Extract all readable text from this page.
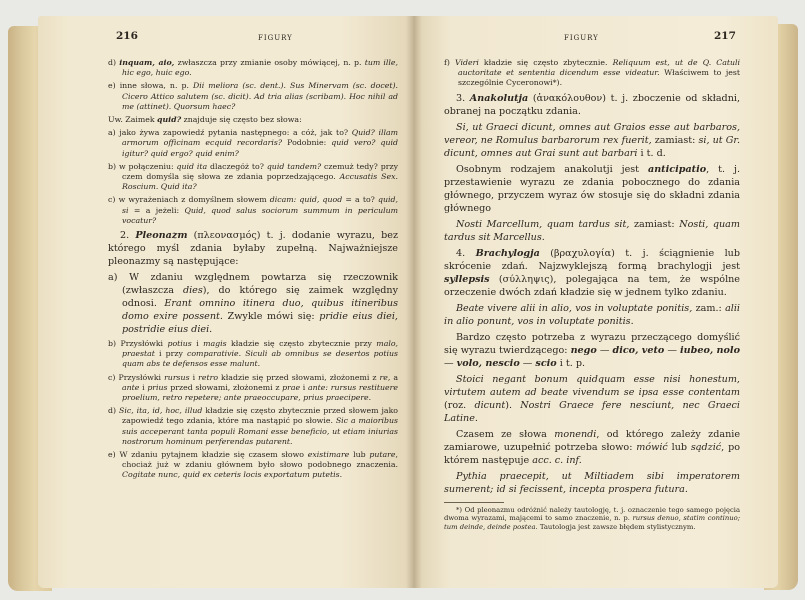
216	FIGURY

d) inquam, aio, zwłaszcza przy zmianie osoby mówiącej, n. p. tum ille, hic ego, huic ego.

e) inne słowa, n. p. Dii meliora (sc. dent.). Sus Minervam (sc. docet). Cicero Attico salutem (sc. dicit). Ad tria alias (scribam). Hoc nihil ad me (attinet). Quorsum haec?

Uw. Zaimek quid? znajduje się często bez słowa:

a) jako żywa zapowiedź pytania następnego: a cóż, jak to? Quid? illam armorum officinam ecquid recordaris? Podobnie: quid vero? quid igitur? quid ergo? quid enim?

b) w połączeniu: quid ita dlaczegóż to? quid tandem? czemuż tedy? przy czem domyśla się słowa ze zdania poprzedzającego. Accusatis Sex. Roscium. Quid ita?

c) w wyrażeniach z domyślnem słowem dicam: quid, quod = a to? quid, si = a jeżeli: Quid, quod salus sociorum summum in periculum vocatur?

2. Pleonazm (πλεονασμός) t. j. dodanie wyrazu, bez którego myśl zdania byłaby zupełną. Najważniejsze pleonazmy są następujące:

a) W zdaniu względnem powtarza się rzeczownik (zwłaszcza dies), do którego się zaimek względny odnosi. Erant omnino itinera duo, quibus itineribus domo exire possent. Zwykle mówi się: pridie eius diei, postridie eius diei.

b) Przysłówki potius i magis kładzie się często zbytecznie przy malo, praestat i przy comparativie. Siculi ab omnibus se desertos potius quam abs te defensos esse malunt.

c) Przysłówki rursus i retro kładzie się przed słowami, złożonemi z re, a ante i prius przed słowami, złożonemi z prae i ante: rursus restituere proelium, retro repetere; ante praeoccupare, prius praecipere.

d) Sic, ita, id, hoc, illud kładzie się często zbytecznie przed słowem jako zapowiedź tego zdania, które ma nastąpić po słowie. Sic a maioribus suis acceperant tanta populi Romani esse beneficio, ut etiam iniurias nostrorum hominum perferendas putarent.

e) W zdaniu pytajnem kładzie się czasem słowo existimare lub putare, chociaż już w zdaniu głównem było słowo podobnego znaczenia. Cogitate nunc, quid ex ceteris locis exportatum putetis.

FIGURY	217

f) Videri kładzie się często zbytecznie. Reliquum est, ut de Q. Catuli auctoritate et sententia dicendum esse videatur. Właściwem to jest szczególnie Cyceronowi*).

3. Anakolutja (ἀνακόλουθον) t. j. zboczenie od składni, obranej na początku zdania.

Si, ut Graeci dicunt, omnes aut Graios esse aut barbaros, vereor, ne Romulus barbarorum rex fuerit, zamiast: si, ut Gr. dicunt, omnes aut Grai sunt aut barbari i t. d.

Osobnym rodzajem anakolutji jest anticipatio, t. j. przestawienie wyrazu ze zdania pobocznego do zdania głównego, przyczem wyraz ów stosuje się do składni zdania głównego

Nosti Marcellum, quam tardus sit, zamiast: Nosti, quam tardus sit Marcellus.

4. Brachylogja (βραχυλογία) t. j. ściągnienie lub skrócenie zdań. Najzwyklejszą formą brachylogji jest syllepsis (σύλληψις), polegająca na tem, że wspólne orzeczenie dwóch zdań kładzie się w jednem tylko zdaniu.

Beate vivere alii in alio, vos in voluptate ponitis, zam.: alii in alio ponunt, vos in voluptate ponitis.

Bardzo często potrzeba z wyrazu przeczącego domyślić się wyrazu twierdzącego: nego — dico, veto — iubeo, nolo — volo, nescio — scio i t. p.

Stoici negant bonum quidquam esse nisi honestum, virtutem autem ad beate vivendum se ipsa esse contentam (roz. dicunt). Nostri Graece fere nesciunt, nec Graeci Latine.

Czasem ze słowa monendi, od którego zależy zdanie zamiarowe, uzupełnić potrzeba słowo: mówić lub sądzić, po którem następuje acc. c. inf.

Pythia praecepit, ut Miltiadem sibi imperatorem sumerent; id si fecissent, incepta prospera futura.

*) Od pleonazmu odróżnić należy tautologję, t. j. oznaczenie tego samego pojęcia dwoma wyrazami, mającemi to samo znaczenie, n. p. rursus denuo, statim continuo; tum deinde, deinde postea. Tautologja jest zawsze błędem stylistycznym.
